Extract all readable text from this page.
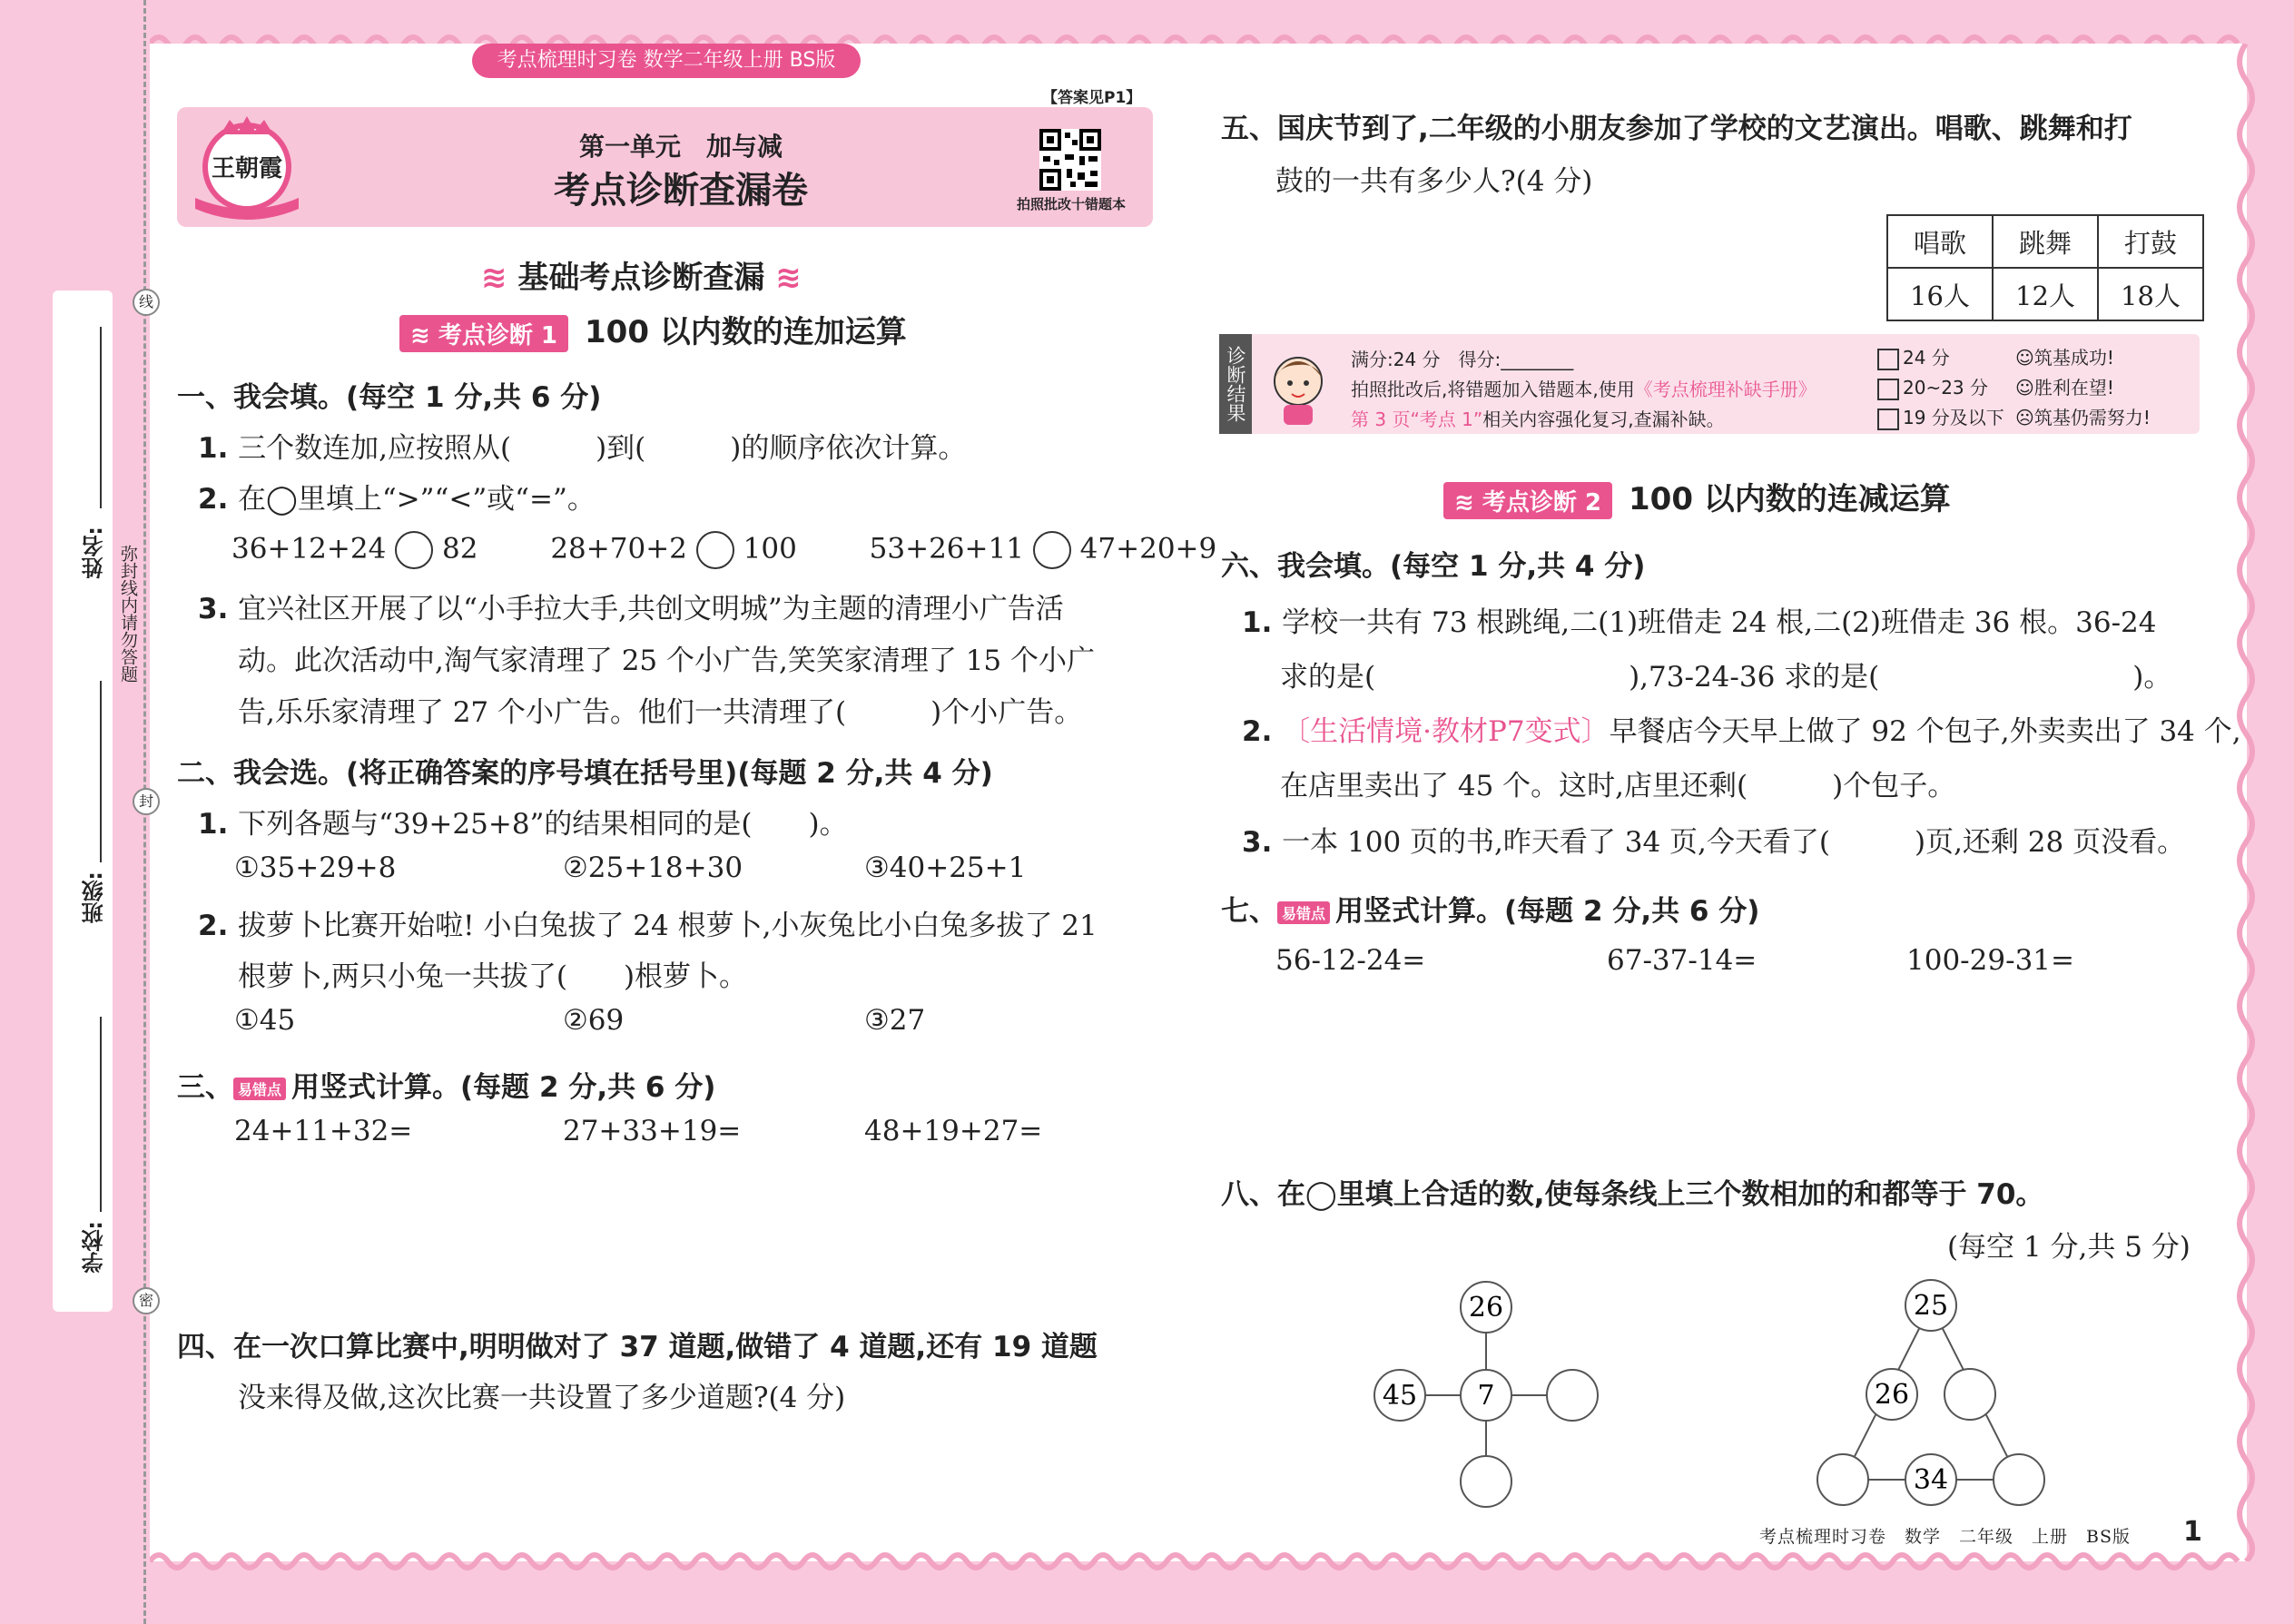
姓名:
班级:
学校:
弥封线内请勿答题
线
封
密
考点梳理时习卷 数学二年级上册 BS版
【答案见P1】
王朝霞
第一单元　加与减
考点诊断查漏卷	拍照批改十错题本
≋ 基础考点诊断查漏 ≋
≋ 考点诊断 1 100 以内数的连加运算
一、我会填。(每空 1 分,共 6 分)
1. 三个数连加,应按照从(　　　)到(　　　)的顺序依次计算。
2. 在◯里填上“>”“<”或“=”。
36+12+24 82	28+70+2 100	53+26+11 47+20+9
3. 宜兴社区开展了以“小手拉大手,共创文明城”为主题的清理小广告活
动。此次活动中,淘气家清理了 25 个小广告,笑笑家清理了 15 个小广
告,乐乐家清理了 27 个小广告。他们一共清理了(　　　)个小广告。
二、我会选。(将正确答案的序号填在括号里)(每题 2 分,共 4 分)
1. 下列各题与“39+25+8”的结果相同的是(　　)。
①35+29+8	②25+18+30	③40+25+1
2. 拔萝卜比赛开始啦! 小白兔拔了 24 根萝卜,小灰兔比小白兔多拔了 21
根萝卜,两只小兔一共拔了(　　)根萝卜。
①45	②69	③27
三、 易错点 用竖式计算。(每题 2 分,共 6 分)
24+11+32=	27+33+19=	48+19+27=
四、在一次口算比赛中,明明做对了 37 道题,做错了 4 道题,还有 19 道题
没来得及做,这次比赛一共设置了多少道题?(4 分)
五、国庆节到了,二年级的小朋友参加了学校的文艺演出。唱歌、跳舞和打
鼓的一共有多少人?(4 分)
唱歌	跳舞	打鼓
16人	12人	18人
诊断结果	满分:24 分　得分:________
拍照批改后,将错题加入错题本,使用《考点梳理补缺手册》
第 3 页“考点 1”相关内容强化复习,查漏补缺。
24 分
20~23 分
19 分及以下
☺筑基成功!
☺胜利在望!
☹筑基仍需努力!
≋ 考点诊断 2 100 以内数的连减运算
六、我会填。(每空 1 分,共 4 分)
1. 学校一共有 73 根跳绳,二(1)班借走 24 根,二(2)班借走 36 根。36-24
求的是(　　　　　　　　　),73-24-36 求的是(　　　　　　　　　)。
2. 〔生活情境·教材P7变式〕早餐店今天早上做了 92 个包子,外卖卖出了 34 个,
在店里卖出了 45 个。这时,店里还剩(　　　)个包子。
3. 一本 100 页的书,昨天看了 34 页,今天看了(　　　)页,还剩 28 页没看。
七、 易错点 用竖式计算。(每题 2 分,共 6 分)
56-12-24=	67-37-14=	100-29-31=
八、在◯里填上合适的数,使每条线上三个数相加的和都等于 70。
(每空 1 分,共 5 分)
26
45 7
25
26
34
考点梳理时习卷　数学　二年级　上册　BS版 1
